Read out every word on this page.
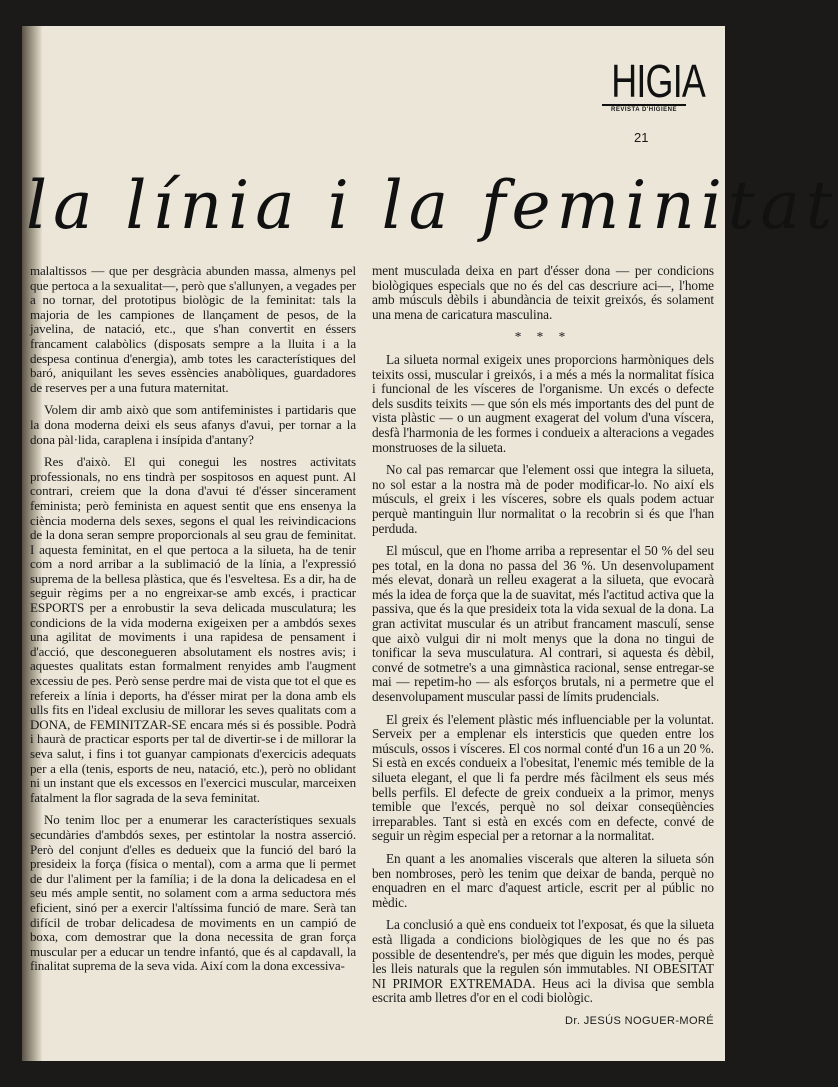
HIGIA
REVISTA D'HIGIENE
21
la línia i la feminitat

malaltissos — que per desgràcia abunden massa, almenys pel que pertoca a la sexualitat—, però que s'allunyen, a vegades per a no tornar, del prototipus biològic de la feminitat: tals la majoria de les campiones de llançament de pesos, de la javelina, de natació, etc., que s'han convertit en éssers francament calabòlics (disposats sempre a la lluita i a la despesa continua d'energia), amb totes les característiques del baró, aniquilant les seves essències anabòliques, guardadores de reserves per a una futura maternitat.

Volem dir amb això que som antifeministes i partidaris que la dona moderna deixi els seus afanys d'avui, per tornar a la dona pàl·lida, caraplena i insípida d'antany?

Res d'això. El qui conegui les nostres activitats professionals, no ens tindrà per sospitosos en aquest punt. Al contrari, creiem que la dona d'avui té d'ésser sincerament feminista; però feminista en aquest sentit que ens ensenya la ciència moderna dels sexes, segons el qual les reivindicacions de la dona seran sempre proporcionals al seu grau de feminitat. I aquesta feminitat, en el que pertoca a la silueta, ha de tenir com a nord arribar a la sublimació de la línia, a l'expressió suprema de la bellesa plàstica, que és l'esveltesa. Es a dir, ha de seguir règims per a no engreixar-se amb excés, i practicar ESPORTS per a enrobustir la seva delicada musculatura; les condicions de la vida moderna exigeixen per a ambdós sexes una agilitat de moviments i una rapidesa de pensament i d'acció, que desconegueren absolutament els nostres avis; i aquestes qualitats estan formalment renyides amb l'augment excessiu de pes. Però sense perdre mai de vista que tot el que es refereix a línia i deports, ha d'ésser mirat per la dona amb els ulls fits en l'ideal exclusiu de millorar les seves qualitats com a DONA, de FEMINITZAR-SE encara més si és possible. Podrà i haurà de practicar esports per tal de divertir-se i de millorar la seva salut, i fins i tot guanyar campionats d'exercicis adequats per a ella (tenis, esports de neu, natació, etc.), però no oblidant ni un instant que els excessos en l'exercici muscular, marceixen fatalment la flor sagrada de la seva feminitat.

No tenim lloc per a enumerar les característiques sexuals secundàries d'ambdós sexes, per estintolar la nostra asserció. Però del conjunt d'elles es dedueix que la funció del baró la presideix la força (física o mental), com a arma que li permet de dur l'aliment per la família; i de la dona la delicadesa en el seu més ample sentit, no solament com a arma seductora més eficient, sinó per a exercir l'altíssima funció de mare. Serà tan difícil de trobar delicadesa de moviments en un campió de boxa, com demostrar que la dona necessita de gran força muscular per a educar un tendre infantó, que és al capdavall, la finalitat suprema de la seva vida. Així com la dona excessiva-

ment musculada deixa en part d'ésser dona — per condicions biològiques especials que no és del cas descriure aci—, l'home amb músculs dèbils i abundància de teixit greixós, és solament una mena de caricatura masculina.

* * *

La silueta normal exigeix unes proporcions harmòniques dels teixits ossi, muscular i greixós, i a més a més la normalitat física i funcional de les vísceres de l'organisme. Un excés o defecte dels susdits teixits — que són els més importants des del punt de vista plàstic — o un augment exagerat del volum d'una víscera, desfà l'harmonia de les formes i condueix a alteracions a vegades monstruoses de la silueta.

No cal pas remarcar que l'element ossi que integra la silueta, no sol estar a la nostra mà de poder modificar-lo. No així els músculs, el greix i les vísceres, sobre els quals podem actuar perquè mantinguin llur normalitat o la recobrin si és que l'han perduda.

El múscul, que en l'home arriba a representar el 50 % del seu pes total, en la dona no passa del 36 %. Un desenvolupament més elevat, donarà un relleu exagerat a la silueta, que evocarà més la idea de força que la de suavitat, més l'actitud activa que la passiva, que és la que presideix tota la vida sexual de la dona. La gran activitat muscular és un atribut francament masculí, sense que això vulgui dir ni molt menys que la dona no tingui de tonificar la seva musculatura. Al contrari, si aquesta és dèbil, convé de sotmetre's a una gimnàstica racional, sense entregar-se mai — repetim-ho — als esforços brutals, ni a permetre que el desenvolupament muscular passi de límits prudencials.

El greix és l'element plàstic més influenciable per la voluntat. Serveix per a emplenar els intersticis que queden entre los músculs, ossos i vísceres. El cos normal conté d'un 16 a un 20 %. Si està en excés condueix a l'obesitat, l'enemic més temible de la silueta elegant, el que li fa perdre més fàcilment els seus més bells perfils. El defecte de greix condueix a la primor, menys temible que l'excés, perquè no sol deixar conseqüències irreparables. Tant si està en excés com en defecte, convé de seguir un règim especial per a retornar a la normalitat.

En quant a les anomalies viscerals que alteren la silueta són ben nombroses, però les tenim que deixar de banda, perquè no enquadren en el marc d'aquest article, escrit per al públic no mèdic.

La conclusió a què ens condueix tot l'exposat, és que la silueta està lligada a condicions biològiques de les que no és pas possible de desentendre's, per més que diguin les modes, perquè les lleis naturals que la regulen són immutables. NI OBESITAT NI PRIMOR EXTREMADA. Heus aci la divisa que sembla escrita amb lletres d'or en el codi biològic.

Dr. JESÚS NOGUER-MORÉ
